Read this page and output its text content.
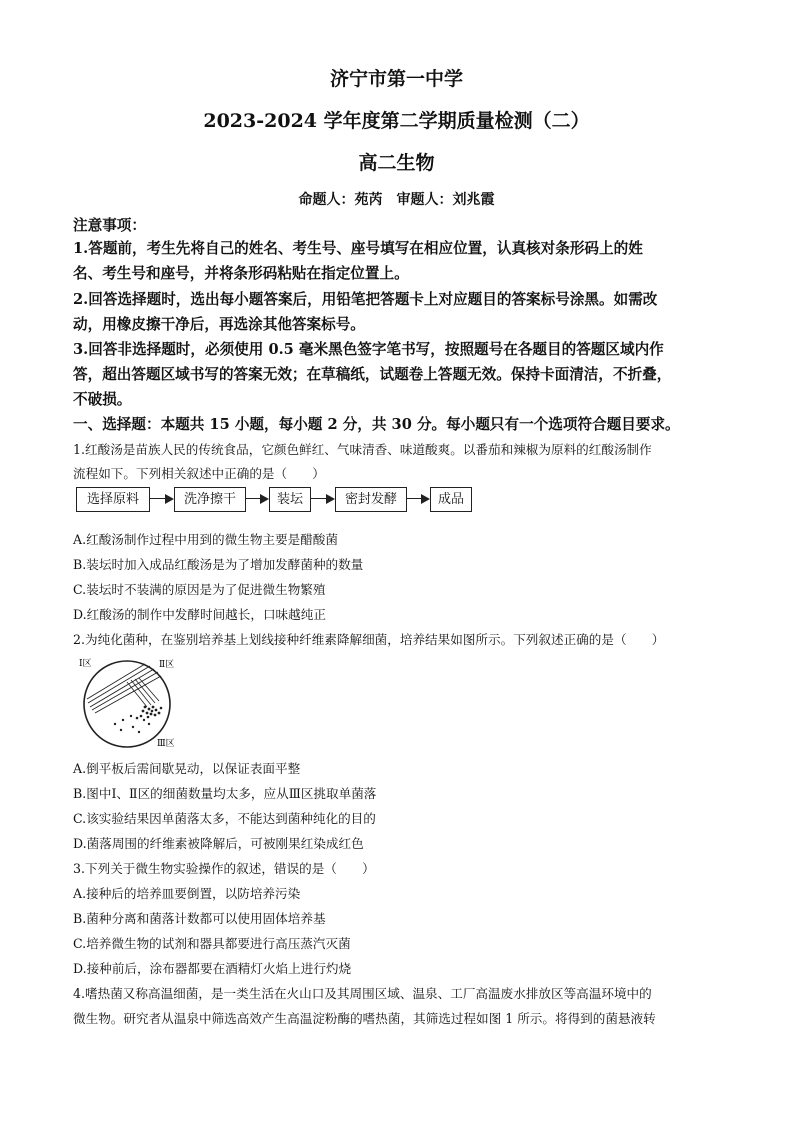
济宁市第一中学
2023-2024 学年度第二学期质量检测（二）
高二生物
命题人：苑芮　审题人：刘兆霞
注意事项：
1.答题前，考生先将自己的姓名、考生号、座号填写在相应位置，认真核对条形码上的姓
名、考生号和座号，并将条形码粘贴在指定位置上。
2.回答选择题时，选出每小题答案后，用铅笔把答题卡上对应题目的答案标号涂黑。如需改
动，用橡皮擦干净后，再选涂其他答案标号。
3.回答非选择题时，必须使用 0.5 毫米黑色签字笔书写，按照题号在各题目的答题区域内作
答，超出答题区域书写的答案无效；在草稿纸，试题卷上答题无效。保持卡面清洁，不折叠，
不破损。
一、选择题：本题共 15 小题，每小题 2 分，共 30 分。每小题只有一个选项符合题目要求。
1.红酸汤是苗族人民的传统食品，它颜色鲜红、气味清香、味道酸爽。以番茄和辣椒为原料的红酸汤制作
流程如下。下列相关叙述中正确的是（　　）
选择原料	洗净擦干	装坛	密封发酵	成品
A.红酸汤制作过程中用到的微生物主要是醋酸菌
B.装坛时加入成品红酸汤是为了增加发酵菌种的数量
C.装坛时不装满的原因是为了促进微生物繁殖
D.红酸汤的制作中发酵时间越长，口味越纯正
2.为纯化菌种，在鉴别培养基上划线接种纤维素降解细菌，培养结果如图所示。下列叙述正确的是（　　）
Ⅰ区	Ⅱ区
Ⅲ区
A.倒平板后需间歇晃动，以保证表面平整
B.图中Ⅰ、Ⅱ区的细菌数量均太多，应从Ⅲ区挑取单菌落
C.该实验结果因单菌落太多，不能达到菌种纯化的目的
D.菌落周围的纤维素被降解后，可被刚果红染成红色
3.下列关于微生物实验操作的叙述，错误的是（　　）
A.接种后的培养皿要倒置，以防培养污染
B.菌种分离和菌落计数都可以使用固体培养基
C.培养微生物的试剂和器具都要进行高压蒸汽灭菌
D.接种前后，涂布器都要在酒精灯火焰上进行灼烧
4.嗜热菌又称高温细菌，是一类生活在火山口及其周围区域、温泉、工厂高温废水排放区等高温环境中的
微生物。研究者从温泉中筛选高效产生高温淀粉酶的嗜热菌，其筛选过程如图 1 所示。将得到的菌悬液转
